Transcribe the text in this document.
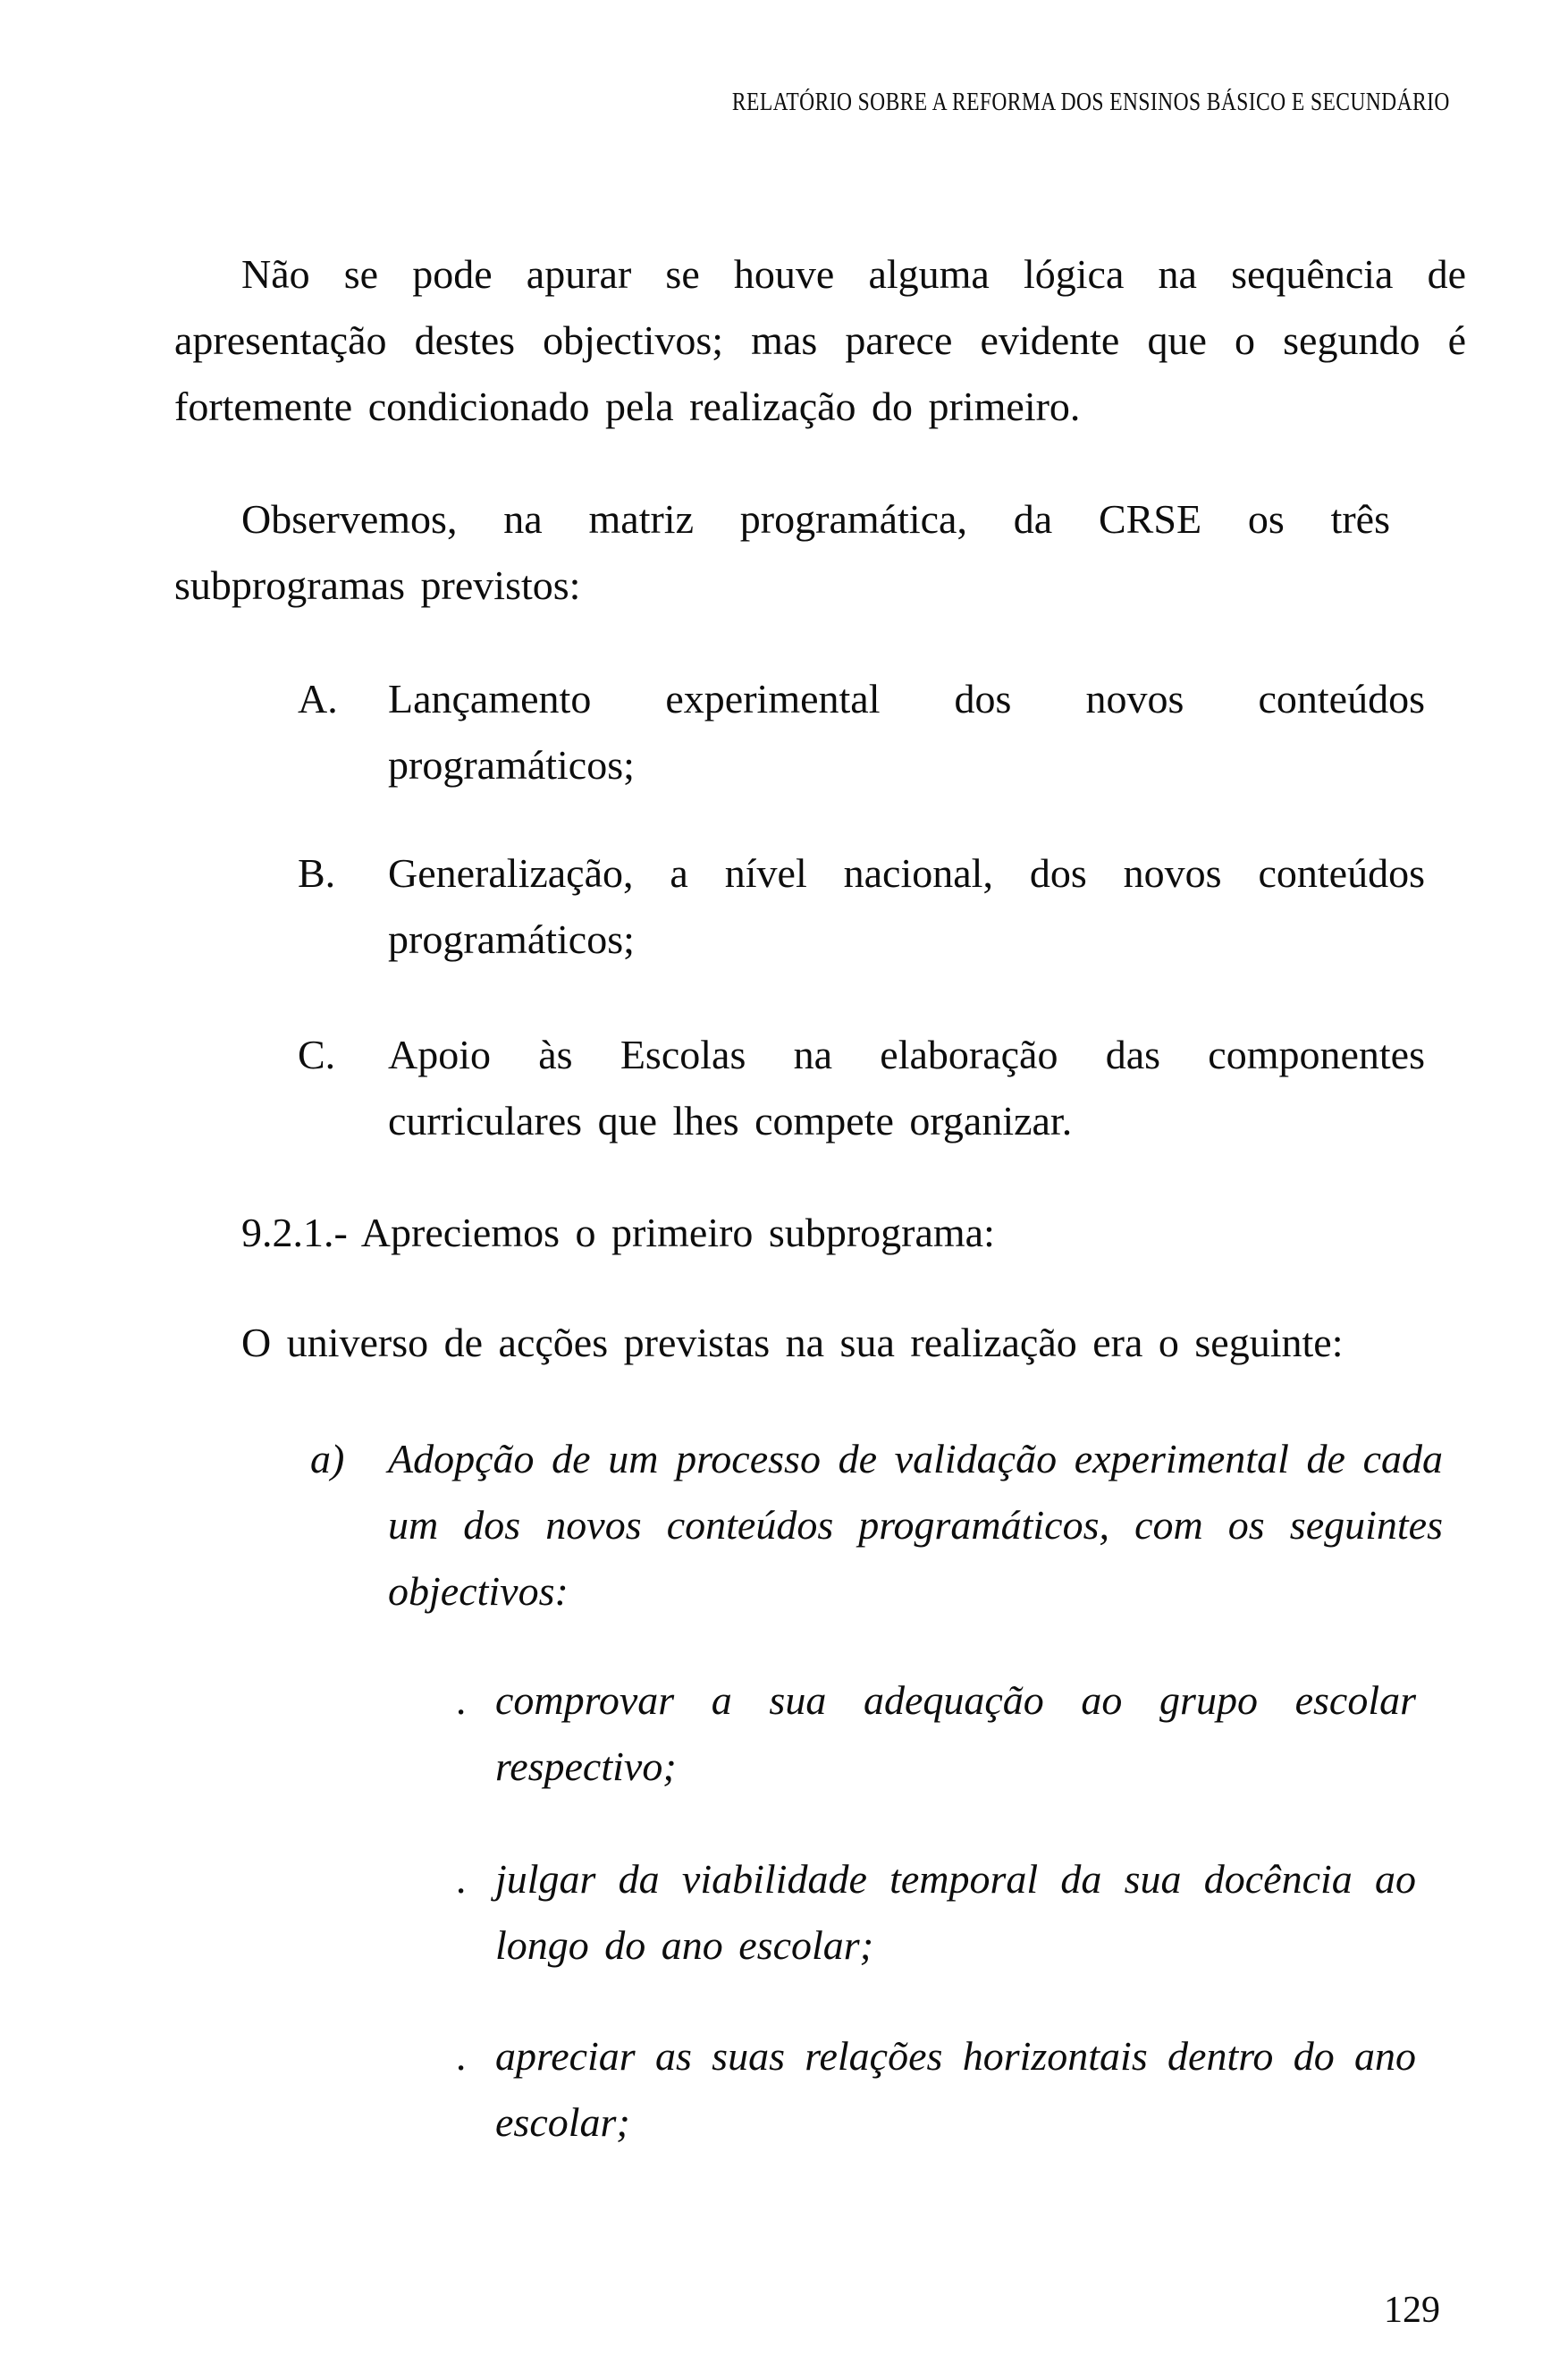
RELATÓRIO SOBRE A REFORMA DOS ENSINOS BÁSICO E SECUNDÁRIO

Não se pode apurar se houve alguma lógica na sequência de apresentação destes objectivos; mas parece evidente que o segundo é fortemente condicionado pela realização do primeiro.

Observemos, na matriz programática, da CRSE os três subprogramas previstos:

A. Lançamento experimental dos novos conteúdos programáticos;
B. Generalização, a nível nacional, dos novos conteúdos programáticos;
C. Apoio às Escolas na elaboração das componentes curriculares que lhes compete organizar.

9.2.1.- Apreciemos o primeiro subprograma:

O universo de acções previstas na sua realização era o seguinte:

a) Adopção de um processo de validação experimental de cada um dos novos conteúdos programáticos, com os seguintes objectivos:
. comprovar a sua adequação ao grupo escolar respectivo;
. julgar da viabilidade temporal da sua docência ao longo do ano escolar;
. apreciar as suas relações horizontais dentro do ano escolar;
129
